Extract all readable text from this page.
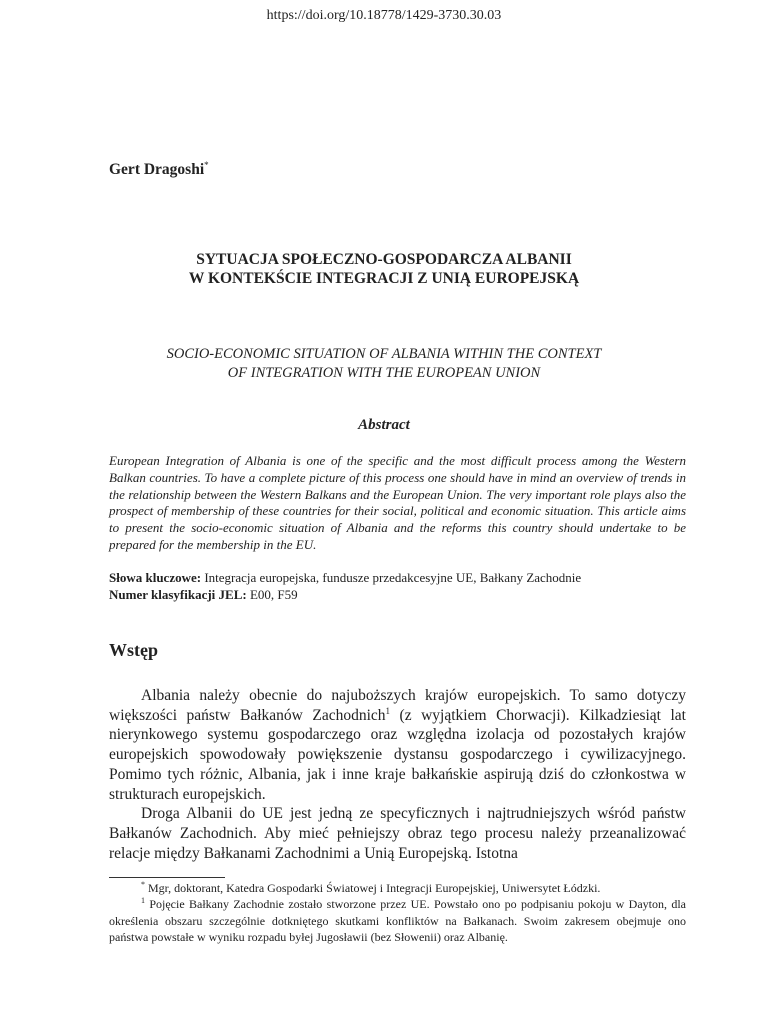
https://doi.org/10.18778/1429-3730.30.03
Gert Dragoshi*
SYTUACJA SPOŁECZNO-GOSPODARCZA ALBANII
W KONTEKŚCIE INTEGRACJI Z UNIĄ EUROPEJSKĄ
SOCIO-ECONOMIC SITUATION OF ALBANIA WITHIN THE CONTEXT
OF INTEGRATION WITH THE EUROPEAN UNION
Abstract
European Integration of Albania is one of the specific and the most difficult process among the Western Balkan countries. To have a complete picture of this process one should have in mind an overview of trends in the relationship between the Western Balkans and the European Union. The very important role plays also the prospect of membership of these countries for their social, political and economic situation. This article aims to present the socio-economic situation of Albania and the reforms this country should undertake to be prepared for the membership in the EU.
Słowa kluczowe: Integracja europejska, fundusze przedakcesyjne UE, Bałkany Zachodnie
Numer klasyfikacji JEL: E00, F59
Wstęp

Albania należy obecnie do najuboższych krajów europejskich. To samo dotyczy większości państw Bałkanów Zachodnich$^1$ (z wyjątkiem Chorwacji). Kilkadziesiąt lat nierynkowego systemu gospodarczego oraz względna izolacja od pozostałych krajów europejskich spowodowały powiększenie dystansu gospodarczego i cywilizacyjnego. Pomimo tych różnic, Albania, jak i inne kraje bałkańskie aspirują dziś do członkostwa w strukturach europejskich.

Droga Albanii do UE jest jedną ze specyficznych i najtrudniejszych wśród państw Bałkanów Zachodnich. Aby mieć pełniejszy obraz tego procesu należy przeanalizować relacje między Bałkanami Zachodnimi a Unią Europejską. Istotna

* Mgr, doktorant, Katedra Gospodarki Światowej i Integracji Europejskiej, Uniwersytet Łódzki.

$^1$ Pojęcie Bałkany Zachodnie zostało stworzone przez UE. Powstało ono po podpisaniu pokoju w Dayton, dla określenia obszaru szczególnie dotkniętego skutkami konfliktów na Bałkanach. Swoim zakresem obejmuje ono państwa powstałe w wyniku rozpadu byłej Jugosławii (bez Słowenii) oraz Albanię.
